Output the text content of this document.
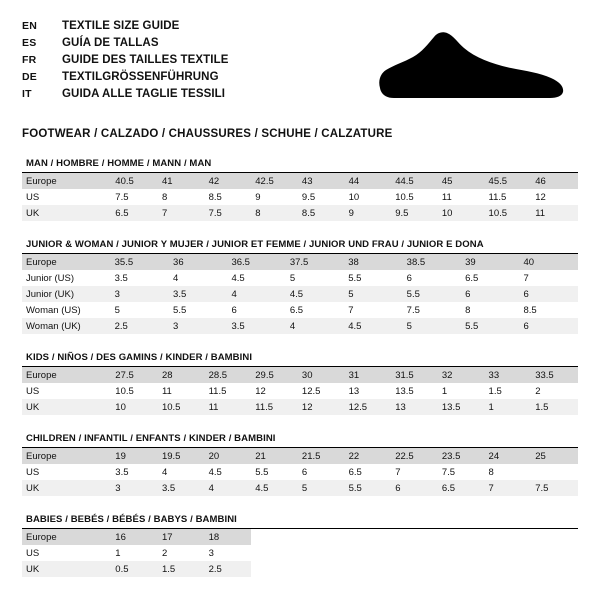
EN	TEXTILE SIZE GUIDE
ES	GUÍA DE TALLAS
FR	GUIDE DES TAILLES TEXTILE
DE	TEXTILGRÖSSENFÜHRUNG
IT	GUIDA ALLE TAGLIE TESSILI
FOOTWEAR / CALZADO / CHAUSSURES / SCHUHE / CALZATURE
MAN / HOMBRE / HOMME / MANN / MAN
Europe	40.5	41	42	42.5	43	44	44.5	45	45.5	46
US	7.5	8	8.5	9	9.5	10	10.5	11	11.5	12
UK	6.5	7	7.5	8	8.5	9	9.5	10	10.5	11
JUNIOR & WOMAN / JUNIOR Y MUJER / JUNIOR ET FEMME / JUNIOR UND FRAU / JUNIOR E DONA
Europe	35.5	36	36.5	37.5	38	38.5	39	40
Junior (US)	3.5	4	4.5	5	5.5	6	6.5	7
Junior (UK)	3	3.5	4	4.5	5	5.5	6	6
Woman (US)	5	5.5	6	6.5	7	7.5	8	8.5
Woman (UK)	2.5	3	3.5	4	4.5	5	5.5	6
KIDS / NIÑOS / DES GAMINS / KINDER / BAMBINI
Europe	27.5	28	28.5	29.5	30	31	31.5	32	33	33.5
US	10.5	11	11.5	12	12.5	13	13.5	1	1.5	2
UK	10	10.5	11	11.5	12	12.5	13	13.5	1	1.5
CHILDREN / INFANTIL / ENFANTS / KINDER / BAMBINI
Europe	19	19.5	20	21	21.5	22	22.5	23.5	24	25
US	3.5	4	4.5	5.5	6	6.5	7	7.5	8	
UK	3	3.5	4	4.5	5	5.5	6	6.5	7	7.5
BABIES / BEBÉS / BÉBÉS / BABYS / BAMBINI
Europe	16	17	18							
US	1	2	3							
UK	0.5	1.5	2.5							
